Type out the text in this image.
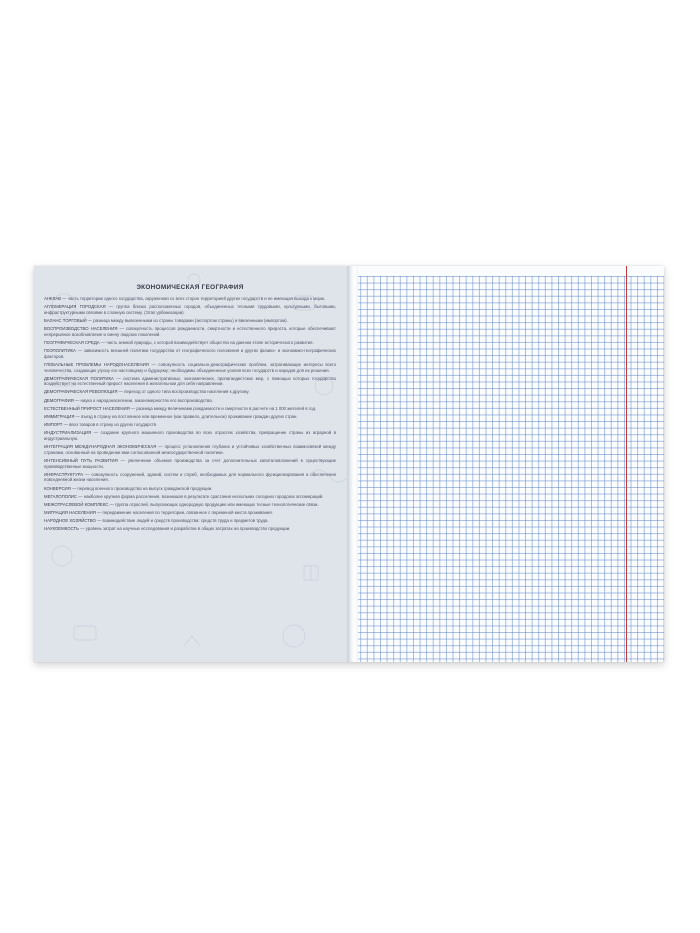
ЭКОНОМИЧЕСКАЯ ГЕОГРАФИЯ
АНКЛАВ — часть территории одного государства, окруженная со всех сторон территорией других государств и не имеющая выхода к морю.
АГЛОМЕРАЦИЯ ГОРОДСКАЯ — группа близко расположенных городов, объединенных тесными трудовыми, культурными, бытовыми, инфраструктурными связями в сложную систему. (Этап урбанизации).
БАЛАНС ТОРГОВЫЙ — разница между вывезенными из страны товарами (экспортом страны) и ввезенными (импортом).
ВОСПРОИЗВОДСТВО НАСЕЛЕНИЯ — совокупность процессов рождаемости, смертности и естественного прироста, которые обеспечивают непрерывное возобновление и смену людских поколений.
ГЕОГРАФИЧЕСКАЯ СРЕДА — часть земной природы, с которой взаимодействует общество на данном этапе исторического развития.
ГЕОПОЛИТИКА — зависимость внешней политики государства от географического положения и других физико- и экономико-географических факторов.
ГЛОБАЛЬНЫЕ ПРОБЛЕМЫ НАРОДОНАСЕЛЕНИЯ — совокупность социально-демографических проблем, затрагивающих интересы всего человечества, создающих угрозу его настоящему и будущему; необходимы объединенные усилия всех государств и народов для их решения.
ДЕМОГРАФИЧЕСКАЯ ПОЛИТИКА — система административных, экономических, пропагандистских мер, с помощью которых государство воздействует на естественный прирост населения в желательном для себя направлении.
ДЕМОГРАФИЧЕСКАЯ РЕВОЛЮЦИЯ — переход от одного типа воспроизводства населения к другому.
ДЕМОГРАФИЯ — наука о народонаселении, закономерностях его воспроизводства.
ЕСТЕСТВЕННЫЙ ПРИРОСТ НАСЕЛЕНИЯ — разница между величинами рождаемости и смертности в расчете на 1 000 жителей в год.
ИММИГРАЦИЯ — въезд в страну на постоянное или временное (как правило, длительное) проживание граждан других стран.
ИМПОРТ — ввоз товаров в страну из других государств.
ИНДУСТРИАЛИЗАЦИЯ — создание крупного машинного производства во всех отраслях хозяйства, превращение страны из аграрной в индустриальную.
ИНТЕГРАЦИЯ МЕЖДУНАРОДНАЯ ЭКОНОМИЧЕСКАЯ — процесс установления глубоких и устойчивых хозяйственных взаимосвязей между странами, основанный на проведении ими согласованной межгосударственной политики.
ИНТЕНСИВНЫЙ ПУТЬ РАЗВИТИЯ — увеличение объемов производства за счет дополнительных капиталовложений в существующие производственные мощности.
ИНФРАСТРУКТУРА — совокупность сооружений, зданий, систем и служб, необходимых для нормального функционирования и обеспечения повседневной жизни населения.
КОНВЕРСИЯ — перевод военного производства на выпуск гражданской продукции.
МЕГАЛОПОЛИС — наиболее крупная форма расселения, возникшая в результате срастания нескольких соседних городских агломераций.
МЕЖОТРАСЛЕВОЙ КОМПЛЕКС — группа отраслей, выпускающих однородную продукцию или имеющих тесные технологические связи.
МИГРАЦИЯ НАСЕЛЕНИЯ — передвижение населения по территории, связанное с переменой места проживания.
НАРОДНОЕ ХОЗЯЙСТВО — взаимодействие людей и средств производства: средств труда и предметов труда.
НАУКОЕМКОСТЬ — уровень затрат на научные исследования и разработки в общих затратах на производство продукции.
